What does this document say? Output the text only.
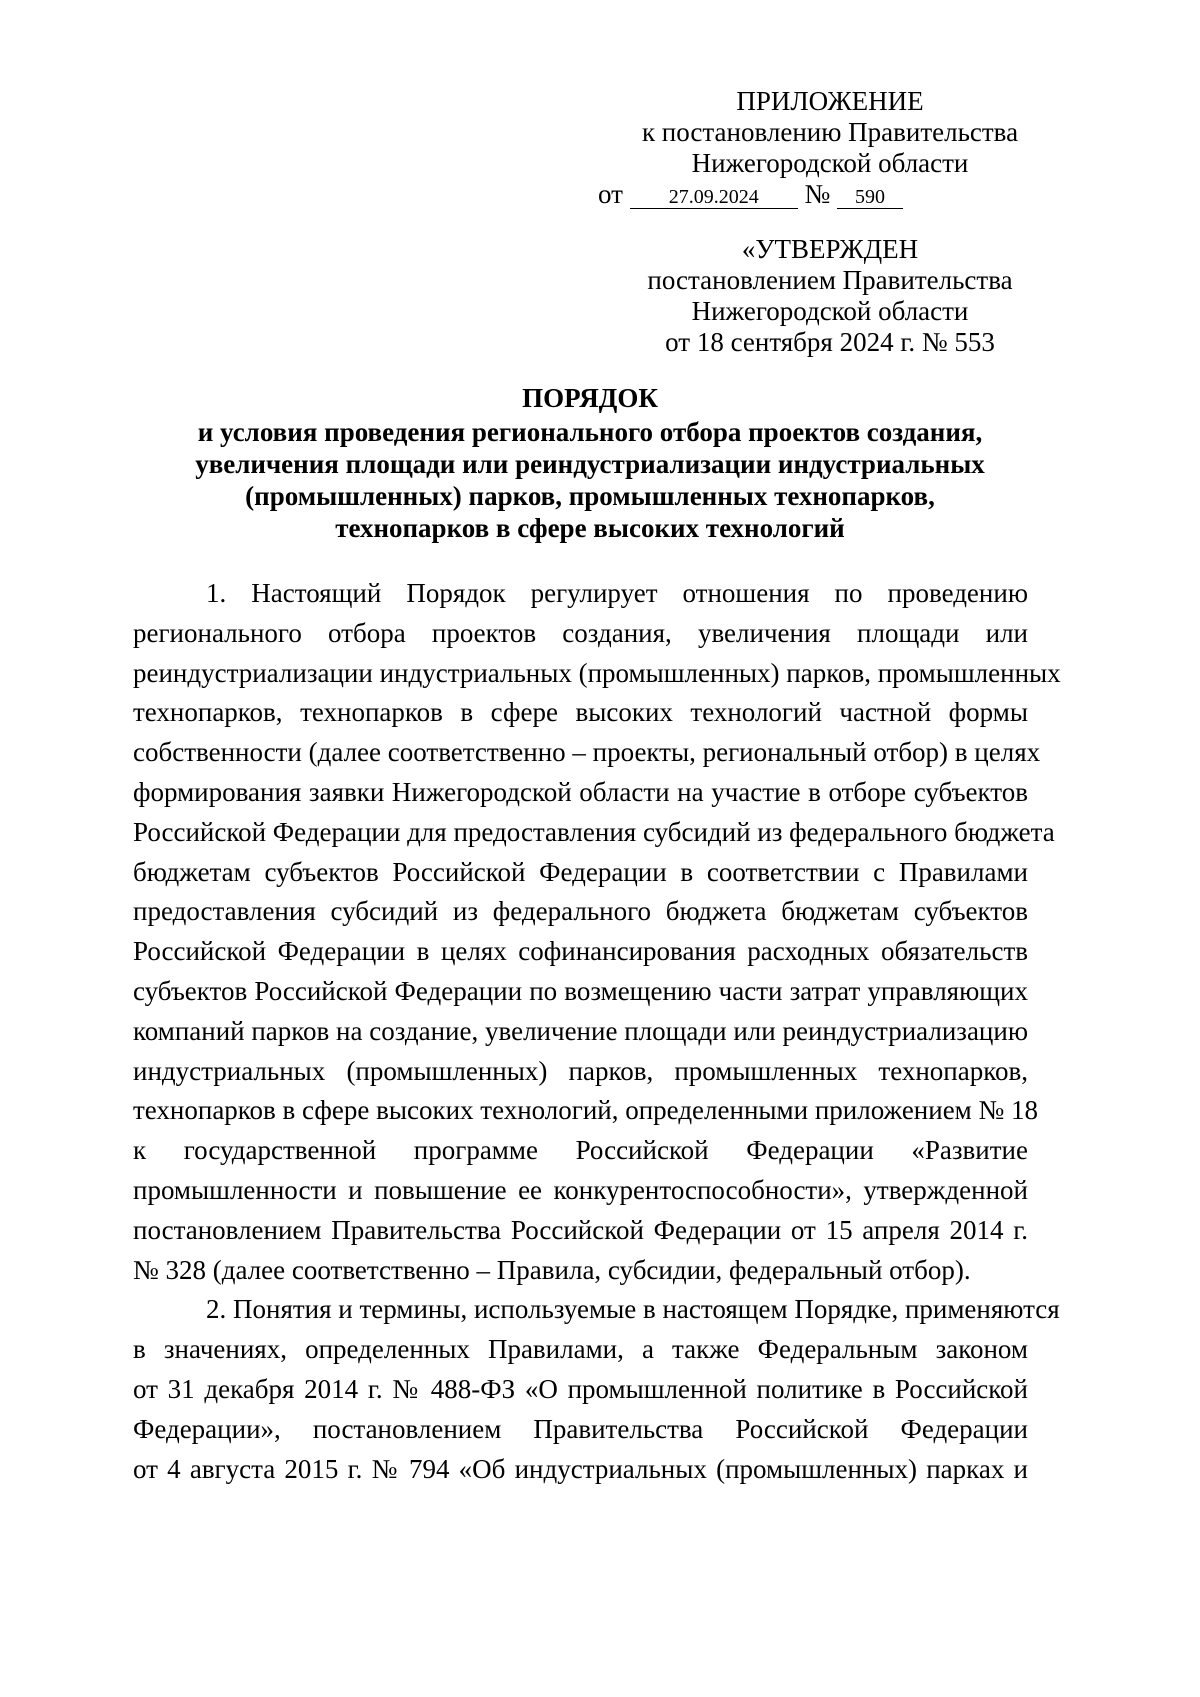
ПРИЛОЖЕНИЕ
к постановлению Правительства
Нижегородской области
от 27.09.2024 № 590
«УТВЕРЖДЕН
постановлением Правительства
Нижегородской области
от 18 сентября 2024 г. № 553
ПОРЯДОК
и условия проведения регионального отбора проектов создания,
увеличения площади или реиндустриализации индустриальных
(промышленных) парков, промышленных технопарков,
технопарков в сфере высоких технологий

1. Настоящий Порядок регулирует отношения по проведению
регионального отбора проектов создания, увеличения площади или
реиндустриализации индустриальных (промышленных) парков, промышленных
технопарков, технопарков в сфере высоких технологий частной формы
собственности (далее соответственно – проекты, региональный отбор) в целях
формирования заявки Нижегородской области на участие в отборе субъектов
Российской Федерации для предоставления субсидий из федерального бюджета
бюджетам субъектов Российской Федерации в соответствии с Правилами
предоставления субсидий из федерального бюджета бюджетам субъектов
Российской Федерации в целях софинансирования расходных обязательств
субъектов Российской Федерации по возмещению части затрат управляющих
компаний парков на создание, увеличение площади или реиндустриализацию
индустриальных (промышленных) парков, промышленных технопарков,
технопарков в сфере высоких технологий, определенными приложением № 18
к государственной программе Российской Федерации «Развитие
промышленности и повышение ее конкурентоспособности», утвержденной
постановлением Правительства Российской Федерации от 15 апреля 2014 г.
№ 328 (далее соответственно – Правила, субсидии, федеральный отбор).

2. Понятия и термины, используемые в настоящем Порядке, применяются
в значениях, определенных Правилами, а также Федеральным законом
от 31 декабря 2014 г. № 488-ФЗ «О промышленной политике в Российской
Федерации», постановлением Правительства Российской Федерации
от 4 августа 2015 г. № 794 «Об индустриальных (промышленных) парках и
